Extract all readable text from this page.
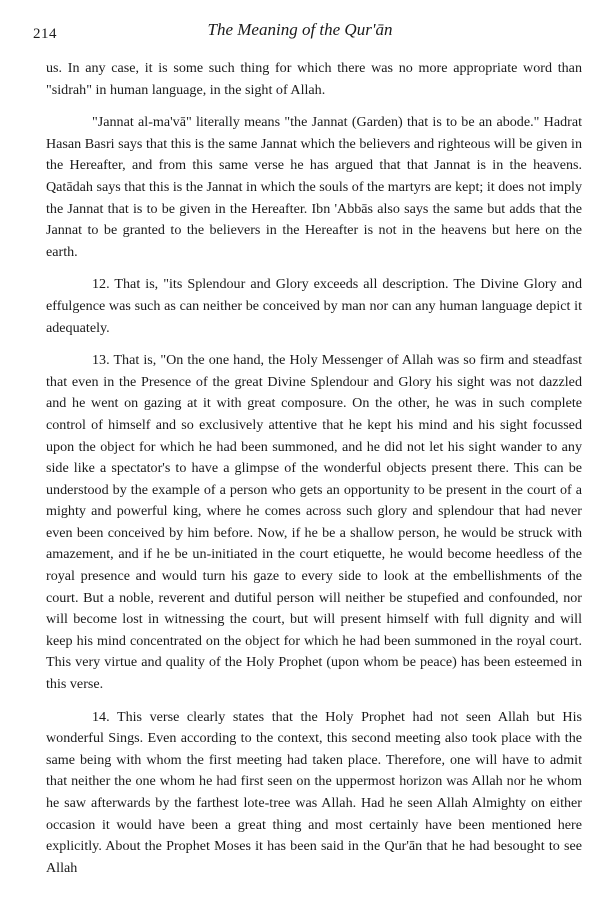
214	The Meaning of the Qur'ān

us. In any case, it is some such thing for which there was no more appropriate word than "sidrah" in human language, in the sight of Allah.

"Jannat al-ma'vā" literally means "the Jannat (Garden) that is to be an abode." Hadrat Hasan Basri says that this is the same Jannat which the believers and righteous will be given in the Hereafter, and from this same verse he has argued that that Jannat is in the heavens. Qatādah says that this is the Jannat in which the souls of the martyrs are kept; it does not imply the Jannat that is to be given in the Hereafter. Ibn 'Abbās also says the same but adds that the Jannat to be granted to the believers in the Hereafter is not in the heavens but here on the earth.

12. That is, "its Splendour and Glory exceeds all description. The Divine Glory and effulgence was such as can neither be conceived by man nor can any human language depict it adequately.

13. That is, "On the one hand, the Holy Messenger of Allah was so firm and steadfast that even in the Presence of the great Divine Splendour and Glory his sight was not dazzled and he went on gazing at it with great composure. On the other, he was in such complete control of himself and so exclusively attentive that he kept his mind and his sight focussed upon the object for which he had been summoned, and he did not let his sight wander to any side like a spectator's to have a glimpse of the wonderful objects present there. This can be understood by the example of a person who gets an opportunity to be present in the court of a mighty and powerful king, where he comes across such glory and splendour that had never even been conceived by him before. Now, if he be a shallow person, he would be struck with amazement, and if he be un-initiated in the court etiquette, he would become heedless of the royal presence and would turn his gaze to every side to look at the embellishments of the court. But a noble, reverent and dutiful person will neither be stupefied and confounded, nor will become lost in witnessing the court, but will present himself with full dignity and will keep his mind concentrated on the object for which he had been summoned in the royal court. This very virtue and quality of the Holy Prophet (upon whom be peace) has been esteemed in this verse.

14. This verse clearly states that the Holy Prophet had not seen Allah but His wonderful Sings. Even according to the context, this second meeting also took place with the same being with whom the first meeting had taken place. Therefore, one will have to admit that neither the one whom he had first seen on the uppermost horizon was Allah nor he whom he saw afterwards by the farthest lote-tree was Allah. Had he seen Allah Almighty on either occasion it would have been a great thing and most certainly have been mentioned here explicitly. About the Prophet Moses it has been said in the Qur'ān that he had besought to see Allah
